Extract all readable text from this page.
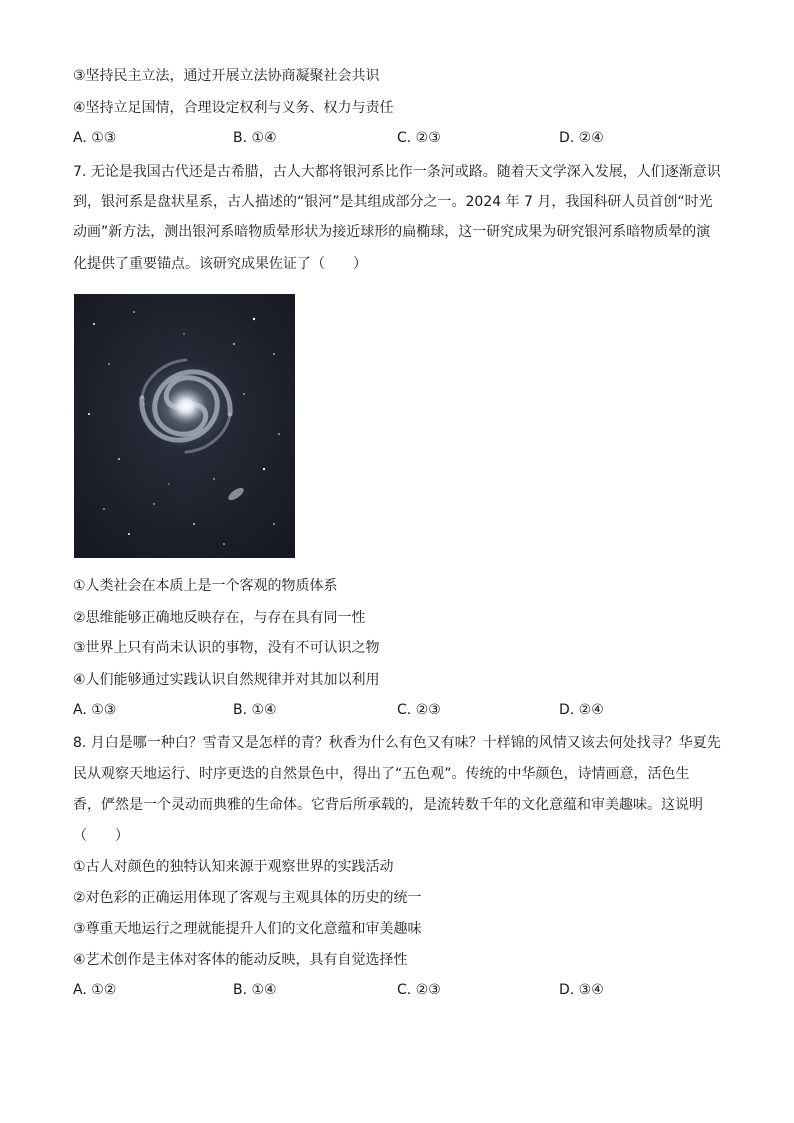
③坚持民主立法，通过开展立法协商凝聚社会共识
④坚持立足国情，合理设定权利与义务、权力与责任
A. ①③	B. ①④	C. ②③	D. ②④
7. 无论是我国古代还是古希腊，古人大都将银河系比作一条河或路。随着天文学深入发展，人们逐渐意识
到，银河系是盘状星系，古人描述的“银河”是其组成部分之一。2024 年 7 月，我国科研人员首创“时光
动画”新方法，测出银河系暗物质晕形状为接近球形的扁椭球，这一研究成果为研究银河系暗物质晕的演
化提供了重要锚点。该研究成果佐证了（　　）
①人类社会在本质上是一个客观的物质体系
②思维能够正确地反映存在，与存在具有同一性
③世界上只有尚未认识的事物，没有不可认识之物
④人们能够通过实践认识自然规律并对其加以利用
A. ①③	B. ①④	C. ②③	D. ②④
8. 月白是哪一种白？雪青又是怎样的青？秋香为什么有色又有味？十样锦的风情又该去何处找寻？华夏先
民从观察天地运行、时序更迭的自然景色中，得出了“五色观”。传统的中华颜色，诗情画意，活色生
香，俨然是一个灵动而典雅的生命体。它背后所承载的，是流转数千年的文化意蕴和审美趣味。这说明
（　　）
①古人对颜色的独特认知来源于观察世界的实践活动
②对色彩的正确运用体现了客观与主观具体的历史的统一
③尊重天地运行之理就能提升人们的文化意蕴和审美趣味
④艺术创作是主体对客体的能动反映，具有自觉选择性
A. ①②	B. ①④	C. ②③	D. ③④
